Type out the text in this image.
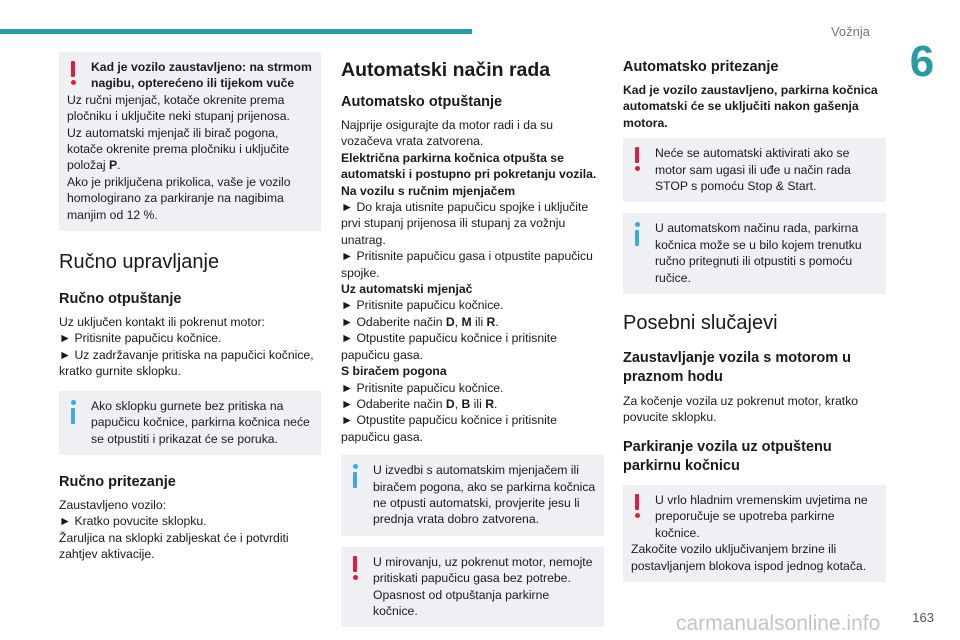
Vožnja
6
Kad je vozilo zaustavljeno: na strmom nagibu, opterećeno ili tijekom vuče
Uz ručni mjenjač, kotače okrenite prema pločniku i uključite neki stupanj prijenosa.
Uz automatski mjenjač ili birač pogona, kotače okrenite prema pločniku i uključite položaj P.
Ako je priključena prikolica, vaše je vozilo homologirano za parkiranje na nagibima manjim od 12 %.
Ručno upravljanje
Ručno otpuštanje
Uz uključen kontakt ili pokrenut motor:
► Pritisnite papučicu kočnice.
► Uz zadržavanje pritiska na papučici kočnice, kratko gurnite sklopku.
Ako sklopku gurnete bez pritiska na papučicu kočnice, parkirna kočnica neće se otpustiti i prikazat će se poruka.
Ručno pritezanje
Zaustavljeno vozilo:
► Kratko povucite sklopku.
Žaruljica na sklopki zabljeskat će i potvrditi zahtjev aktivacije.
Automatski način rada
Automatsko otpuštanje
Najprije osigurajte da motor radi i da su vozačeva vrata zatvorena.
Električna parkirna kočnica otpušta se automatski i postupno pri pokretanju vozila.
Na vozilu s ručnim mjenjačem
► Do kraja utisnite papučicu spojke i uključite prvi stupanj prijenosa ili stupanj za vožnju unatrag.
► Pritisnite papučicu gasa i otpustite papučicu spojke.
Uz automatski mjenjač
► Pritisnite papučicu kočnice.
► Odaberite način D, M ili R.
► Otpustite papučicu kočnice i pritisnite papučicu gasa.
S biračem pogona
► Pritisnite papučicu kočnice.
► Odaberite način D, B ili R.
► Otpustite papučicu kočnice i pritisnite papučicu gasa.
U izvedbi s automatskim mjenjačem ili biračem pogona, ako se parkirna kočnica ne otpusti automatski, provjerite jesu li prednja vrata dobro zatvorena.
U mirovanju, uz pokrenut motor, nemojte pritiskati papučicu gasa bez potrebe. Opasnost od otpuštanja parkirne kočnice.
Automatsko pritezanje
Kad je vozilo zaustavljeno, parkirna kočnica automatski će se uključiti nakon gašenja motora.
Neće se automatski aktivirati ako se motor sam ugasi ili uđe u način rada STOP s pomoću Stop & Start.
U automatskom načinu rada, parkirna kočnica može se u bilo kojem trenutku ručno pritegnuti ili otpustiti s pomoću ručice.
Posebni slučajevi
Zaustavljanje vozila s motorom u praznom hodu
Za kočenje vozila uz pokrenut motor, kratko povucite sklopku.
Parkiranje vozila uz otpuštenu parkirnu kočnicu
U vrlo hladnim vremenskim uvjetima ne preporučuje se upotreba parkirne kočnice.
Zakočite vozilo uključivanjem brzine ili postavljanjem blokova ispod jednog kotača.
carmanualsonline.info 163
